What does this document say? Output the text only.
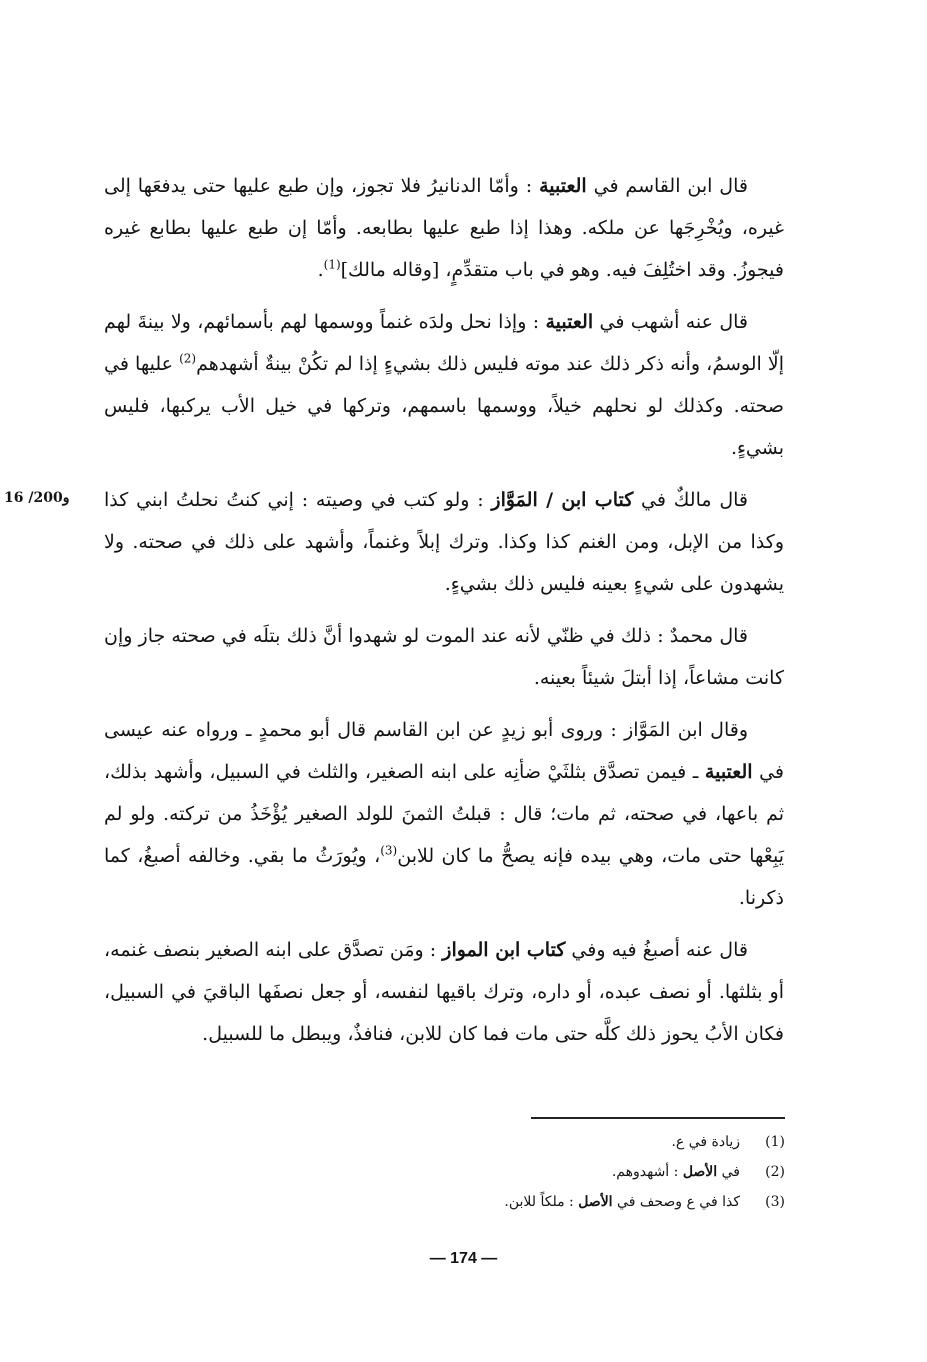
قال ابن القاسم في العتبية : وأمّا الدنانيرُ فلا تجوز، وإن طبع عليها حتى يدفعَها إلى غيره، ويُخْرِجَها عن ملكه. وهذا إذا طبع عليها بطابعه. وأمّا إن طبع عليها بطابع غيره فيجوزُ. وقد اختُلِفَ فيه. وهو في باب متقدِّمٍ، [وقاله مالك]$^{(1)}$.

قال عنه أشهب في العتبية : وإذا نحل ولدَه غنماً ووسمها لهم بأسمائهم، ولا بينةَ لهم إلّا الوسمُ، وأنه ذكر ذلك عند موته فليس ذلك بشيءٍ إذا لم تكُنْ بينةٌ أشهدهم$^{(2)}$ عليها في صحته. وكذلك لو نحلهم خيلاً، ووسمها باسمهم، وتركها في خيل الأب يركبها، فليس بشيءٍ.

قال مالكٌ في كتاب ابن / المَوَّاز : ولو كتب في وصيته : إني كنتُ نحلتُ ابني كذا وكذا من الإبل، ومن الغنم كذا وكذا. وترك إبلاً وغنماً، وأشهد على ذلك في صحته. ولا يشهدون على شيءٍ بعينه فليس ذلك بشيءٍ.

قال محمدٌ : ذلك في ظنّي لأنه عند الموت لو شهدوا أنَّ ذلك بتلَه في صحته جاز وإن كانت مشاعاً، إذا أبتلَ شيئاً بعينه.

وقال ابن المَوَّاز : وروى أبو زيدٍ عن ابن القاسم قال أبو محمدٍ ـ ورواه عنه عيسى في العتبية ـ فيمن تصدَّق بثلثَيْ ضأنِه على ابنه الصغير، والثلث في السبيل، وأشهد بذلك، ثم باعها، في صحته، ثم مات؛ قال : قبلتُ الثمنَ للولد الصغير يُؤْخَذُ من تركته. ولو لم يَبِعْها حتى مات، وهي بيده فإنه يصحُّ ما كان للابن$^{(3)}$، ويُورَثُ ما بقي. وخالفه أصبغُ، كما ذكرنا.

قال عنه أصبغُ فيه وفي كتاب ابن المواز : ومَن تصدَّق على ابنه الصغير بنصف غنمه، أو بثلثها. أو نصف عبده، أو داره، وترك باقيها لنفسه، أو جعل نصفَها الباقيَ في السبيل، فكان الأبُ يحوز ذلك كلَّه حتى مات فما كان للابن، فنافذٌ، ويبطل ما للسبيل.

16 /200و
(1)
زيادة في ع.
(2)
في الأصل : أشهدوهم.
(3)
كذا في ع وصحف في الأصل : ملكاً للابن.
— 174 —
